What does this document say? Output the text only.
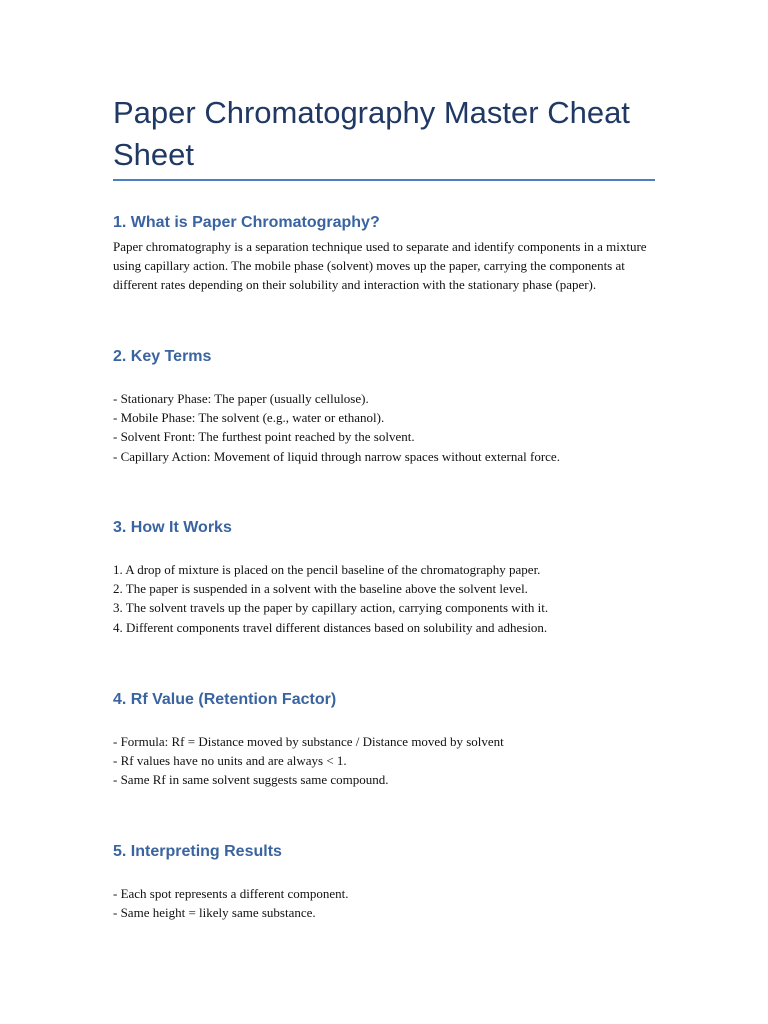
Paper Chromatography Master Cheat Sheet
1. What is Paper Chromatography?

Paper chromatography is a separation technique used to separate and identify components in a mixture using capillary action. The mobile phase (solvent) moves up the paper, carrying the components at different rates depending on their solubility and interaction with the stationary phase (paper).

2. Key Terms
- Stationary Phase: The paper (usually cellulose).
- Mobile Phase: The solvent (e.g., water or ethanol).
- Solvent Front: The furthest point reached by the solvent.
- Capillary Action: Movement of liquid through narrow spaces without external force.
3. How It Works
1. A drop of mixture is placed on the pencil baseline of the chromatography paper.
2. The paper is suspended in a solvent with the baseline above the solvent level.
3. The solvent travels up the paper by capillary action, carrying components with it.
4. Different components travel different distances based on solubility and adhesion.
4. Rf Value (Retention Factor)
- Formula: Rf = Distance moved by substance / Distance moved by solvent
- Rf values have no units and are always < 1.
- Same Rf in same solvent suggests same compound.
5. Interpreting Results
- Each spot represents a different component.
- Same height = likely same substance.
